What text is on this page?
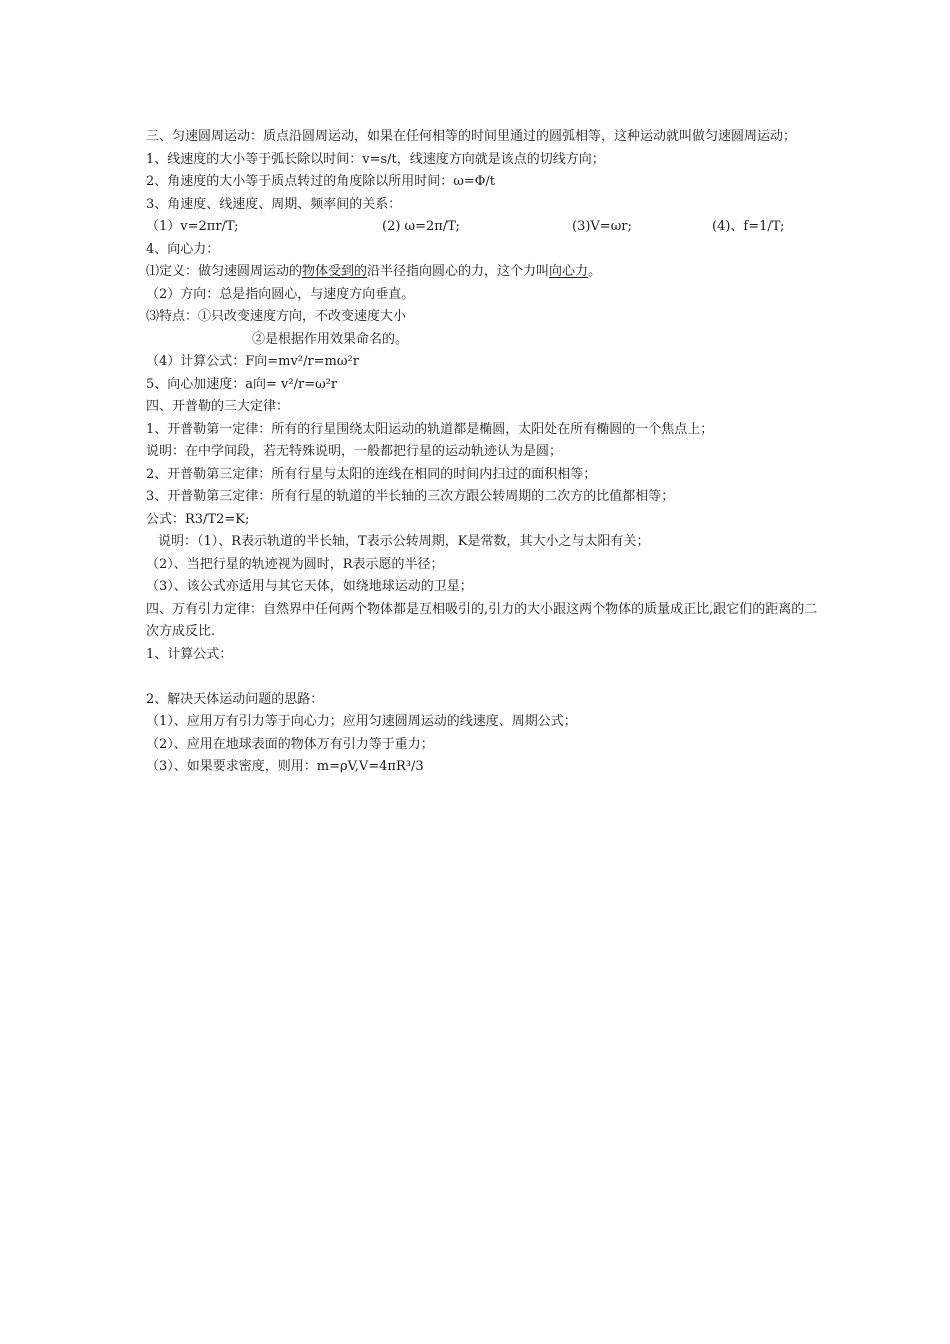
三、匀速圆周运动：质点沿圆周运动，如果在任何相等的时间里通过的圆弧相等，这种运动就叫做匀速圆周运动；
1、线速度的大小等于弧长除以时间：v=s/t，线速度方向就是该点的切线方向；
2、角速度的大小等于质点转过的角度除以所用时间：ω=Φ/t
3、角速度、线速度、周期、频率间的关系：
（1）v=2πr/T;	(2) ω=2π/T;	(3)V=ωr;	(4)、f=1/T;
4、向心力：
⑴定义：做匀速圆周运动的物体受到的沿半径指向圆心的力，这个力叫向心力。
（2）方向：总是指向圆心，与速度方向垂直。
⑶特点：①只改变速度方向，不改变速度大小
②是根据作用效果命名的。
（4）计算公式：F向=mv²/r=mω²r
5、向心加速度：a向= v²/r=ω²r
四、开普勒的三大定律：
1、开普勒第一定律：所有的行星围绕太阳运动的轨道都是椭圆，太阳处在所有椭圆的一个焦点上；
说明：在中学间段，若无特殊说明，一般都把行星的运动轨迹认为是圆；
2、开普勒第三定律：所有行星与太阳的连线在相同的时间内扫过的面积相等；
3、开普勒第三定律：所有行星的轨道的半长轴的三次方跟公转周期的二次方的比值都相等；
公式：R3/T2=K;
说明：（1）、R表示轨道的半长轴，T表示公转周期，K是常数，其大小之与太阳有关；
（2）、当把行星的轨迹视为圆时，R表示愿的半径；
（3）、该公式亦适用与其它天体，如绕地球运动的卫星；
四、万有引力定律：自然界中任何两个物体都是互相吸引的,引力的大小跟这两个物体的质量成正比,跟它们的距离的二次方成反比.
1、计算公式：
2、解决天体运动问题的思路：
（1）、应用万有引力等于向心力；应用匀速圆周运动的线速度、周期公式；
（2）、应用在地球表面的物体万有引力等于重力；
（3）、如果要求密度，则用：m=ρV,V=4πR³/3
